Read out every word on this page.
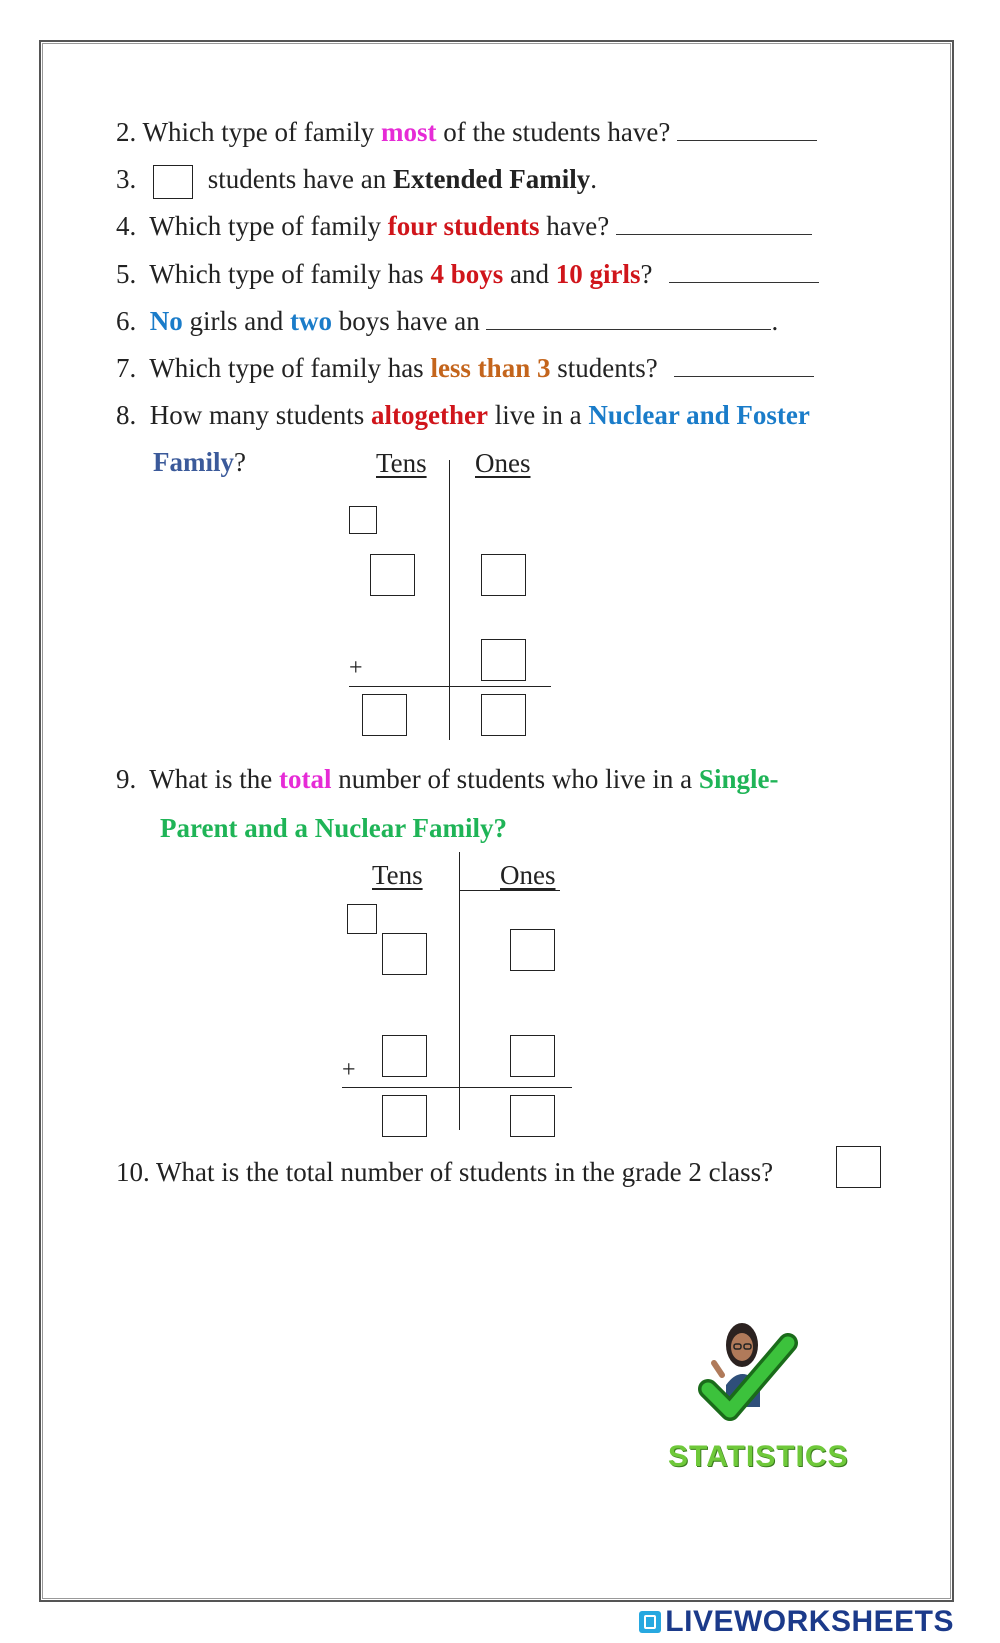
2. Which type of family most of the students have?
3.	students have an Extended Family.
4. Which type of family four students have?
5. Which type of family has 4 boys and 10 girls?
6. No girls and two boys have an	.
7. Which type of family has less than 3 students?
8. How many students altogether live in a Nuclear and Foster
Family?	Tens Ones
+
9. What is the total number of students who live in a Single-
Parent and a Nuclear Family?
Tens	Ones
+
10. What is the total number of students in the grade 2 class?
STATISTICS
LIVEWORKSHEETS
